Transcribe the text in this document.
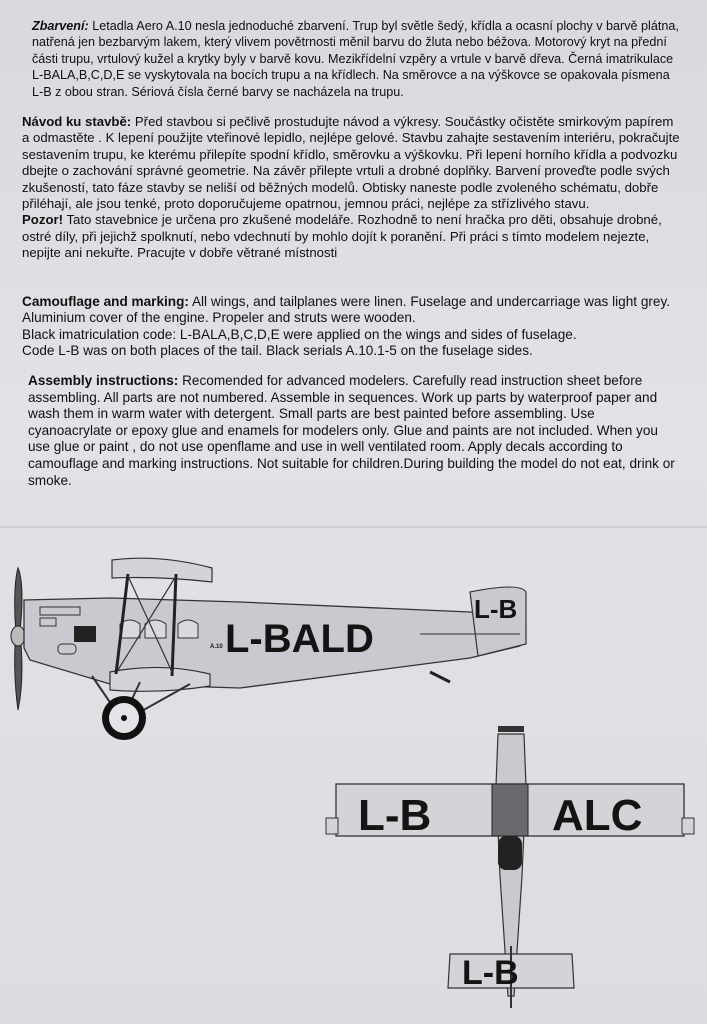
Zbarvení: Letadla Aero A.10 nesla jednoduché zbarvení. Trup byl světle šedý, křídla a ocasní plochy v barvě plátna, natřená jen bezbarvým lakem, který vlivem povětrnosti měnil barvu do žluta nebo béžova. Motorový kryt na přední části trupu, vrtulový kužel a krytky byly v barvě kovu. Mezikřídelní vzpěry a vrtule v barvě dřeva. Černá imatrikulace L-BALA,B,C,D,E se vyskytovala na bocích trupu a na křídlech. Na směrovce a na výškovce se opakovala písmena L-B z obou stran. Sériová čísla černé barvy se nacházela na trupu.

Návod ku stavbě: Před stavbou si pečlivě prostudujte návod a výkresy. Součástky očistěte smirkovým papírem a odmastěte . K lepení použijte vteřinové lepidlo, nejlépe gelové. Stavbu zahajte sestavením interiéru, pokračujte sestavením trupu, ke kterému přilepíte spodní křídlo, směrovku a výškovku. Při lepení horního křídla a podvozku dbejte o zachování správné geometrie. Na závěr přilepte vrtuli a drobné doplňky. Barvení proveďte podle svých zkušeností, tato fáze stavby se neliší od běžných modelů. Obtisky naneste podle zvoleného schématu, dobře přiléhají, ale jsou tenké, proto doporučujeme opatrnou, jemnou práci, nejlépe za střízlivého stavu.

Pozor! Tato stavebnice je určena pro zkušené modeláře. Rozhodně to není hračka pro děti, obsahuje drobné, ostré díly, při jejichž spolknutí, nebo vdechnutí by mohlo dojít k poranění. Při práci s tímto modelem nejezte, nepijte ani nekuřte. Pracujte v dobře větrané místnosti

Camouflage and marking: All wings, and tailplanes were linen. Fuselage and undercarriage was light grey. Aluminium cover of the engine. Propeler and struts were wooden.

Black imatriculation code: L-BALA,B,C,D,E were applied on the wings and sides of fuselage.

Code L-B was on both places of the tail. Black serials A.10.1-5 on the fuselage sides.

Assembly instructions: Recomended for advanced modelers. Carefully read instruction sheet before assembling. All parts are not numbered. Assemble in sequences. Work up parts by waterproof paper and wash them in warm water with detergent. Small parts are best painted before assembling. Use cyanoacrylate or epoxy glue and enamels for modelers only. Glue and paints are not included. When you use glue or paint , do not use openflame and use in well ventilated room. Apply decals according to camouflage and marking instructions. Not suitable for children.During building the model do not eat, drink or smoke.

L-BALD
L-B
A.10
L-B	ALC
L-B
